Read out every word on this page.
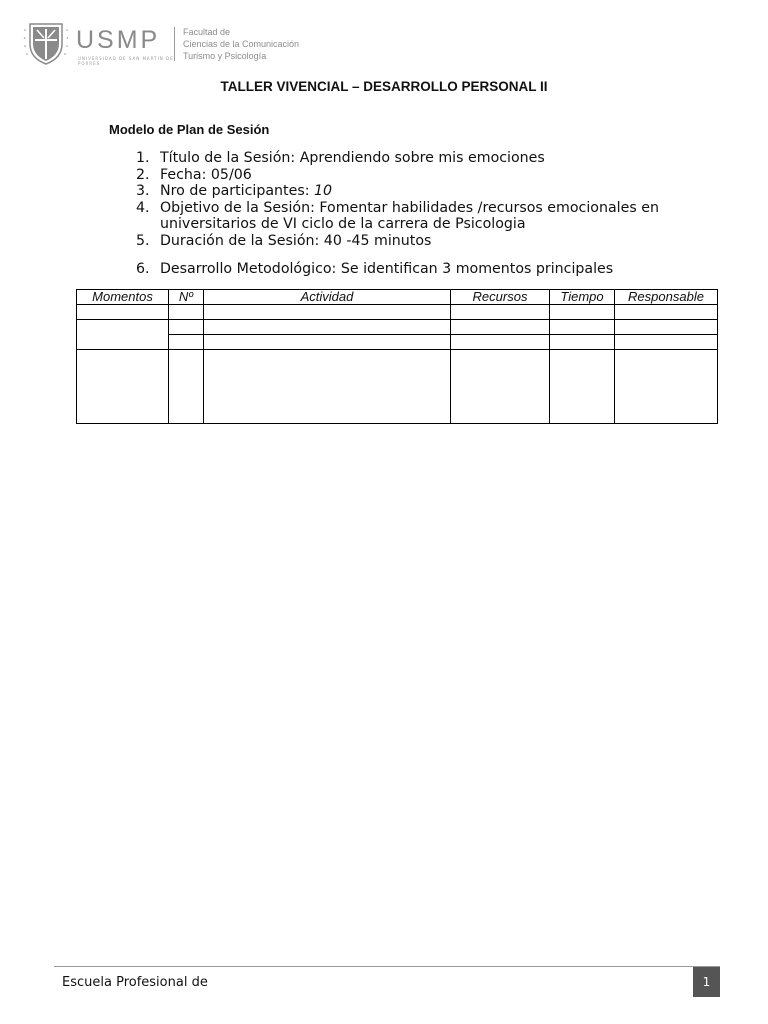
USMP
UNIVERSIDAD DE SAN MARTIN DE PORRES
Facultad de
Ciencias de la Comunicación
Turismo y Psicología
TALLER VIVENCIAL – DESARROLLO PERSONAL II
Modelo de Plan de Sesión
1. Título de la Sesión: Aprendiendo sobre mis emociones
2. Fecha: 05/06
3. Nro de participantes: 10
4. Objetivo de la Sesión: Fomentar habilidades /recursos emocionales en universitarios de VI ciclo de la carrera de Psicologia
5. Duración de la Sesión: 40 -45 minutos
6. Desarrollo Metodológico: Se identifican 3 momentos principales
Momentos	Nº	Actividad	Recursos	Tiempo	Responsable

Escuela Profesional de	1
